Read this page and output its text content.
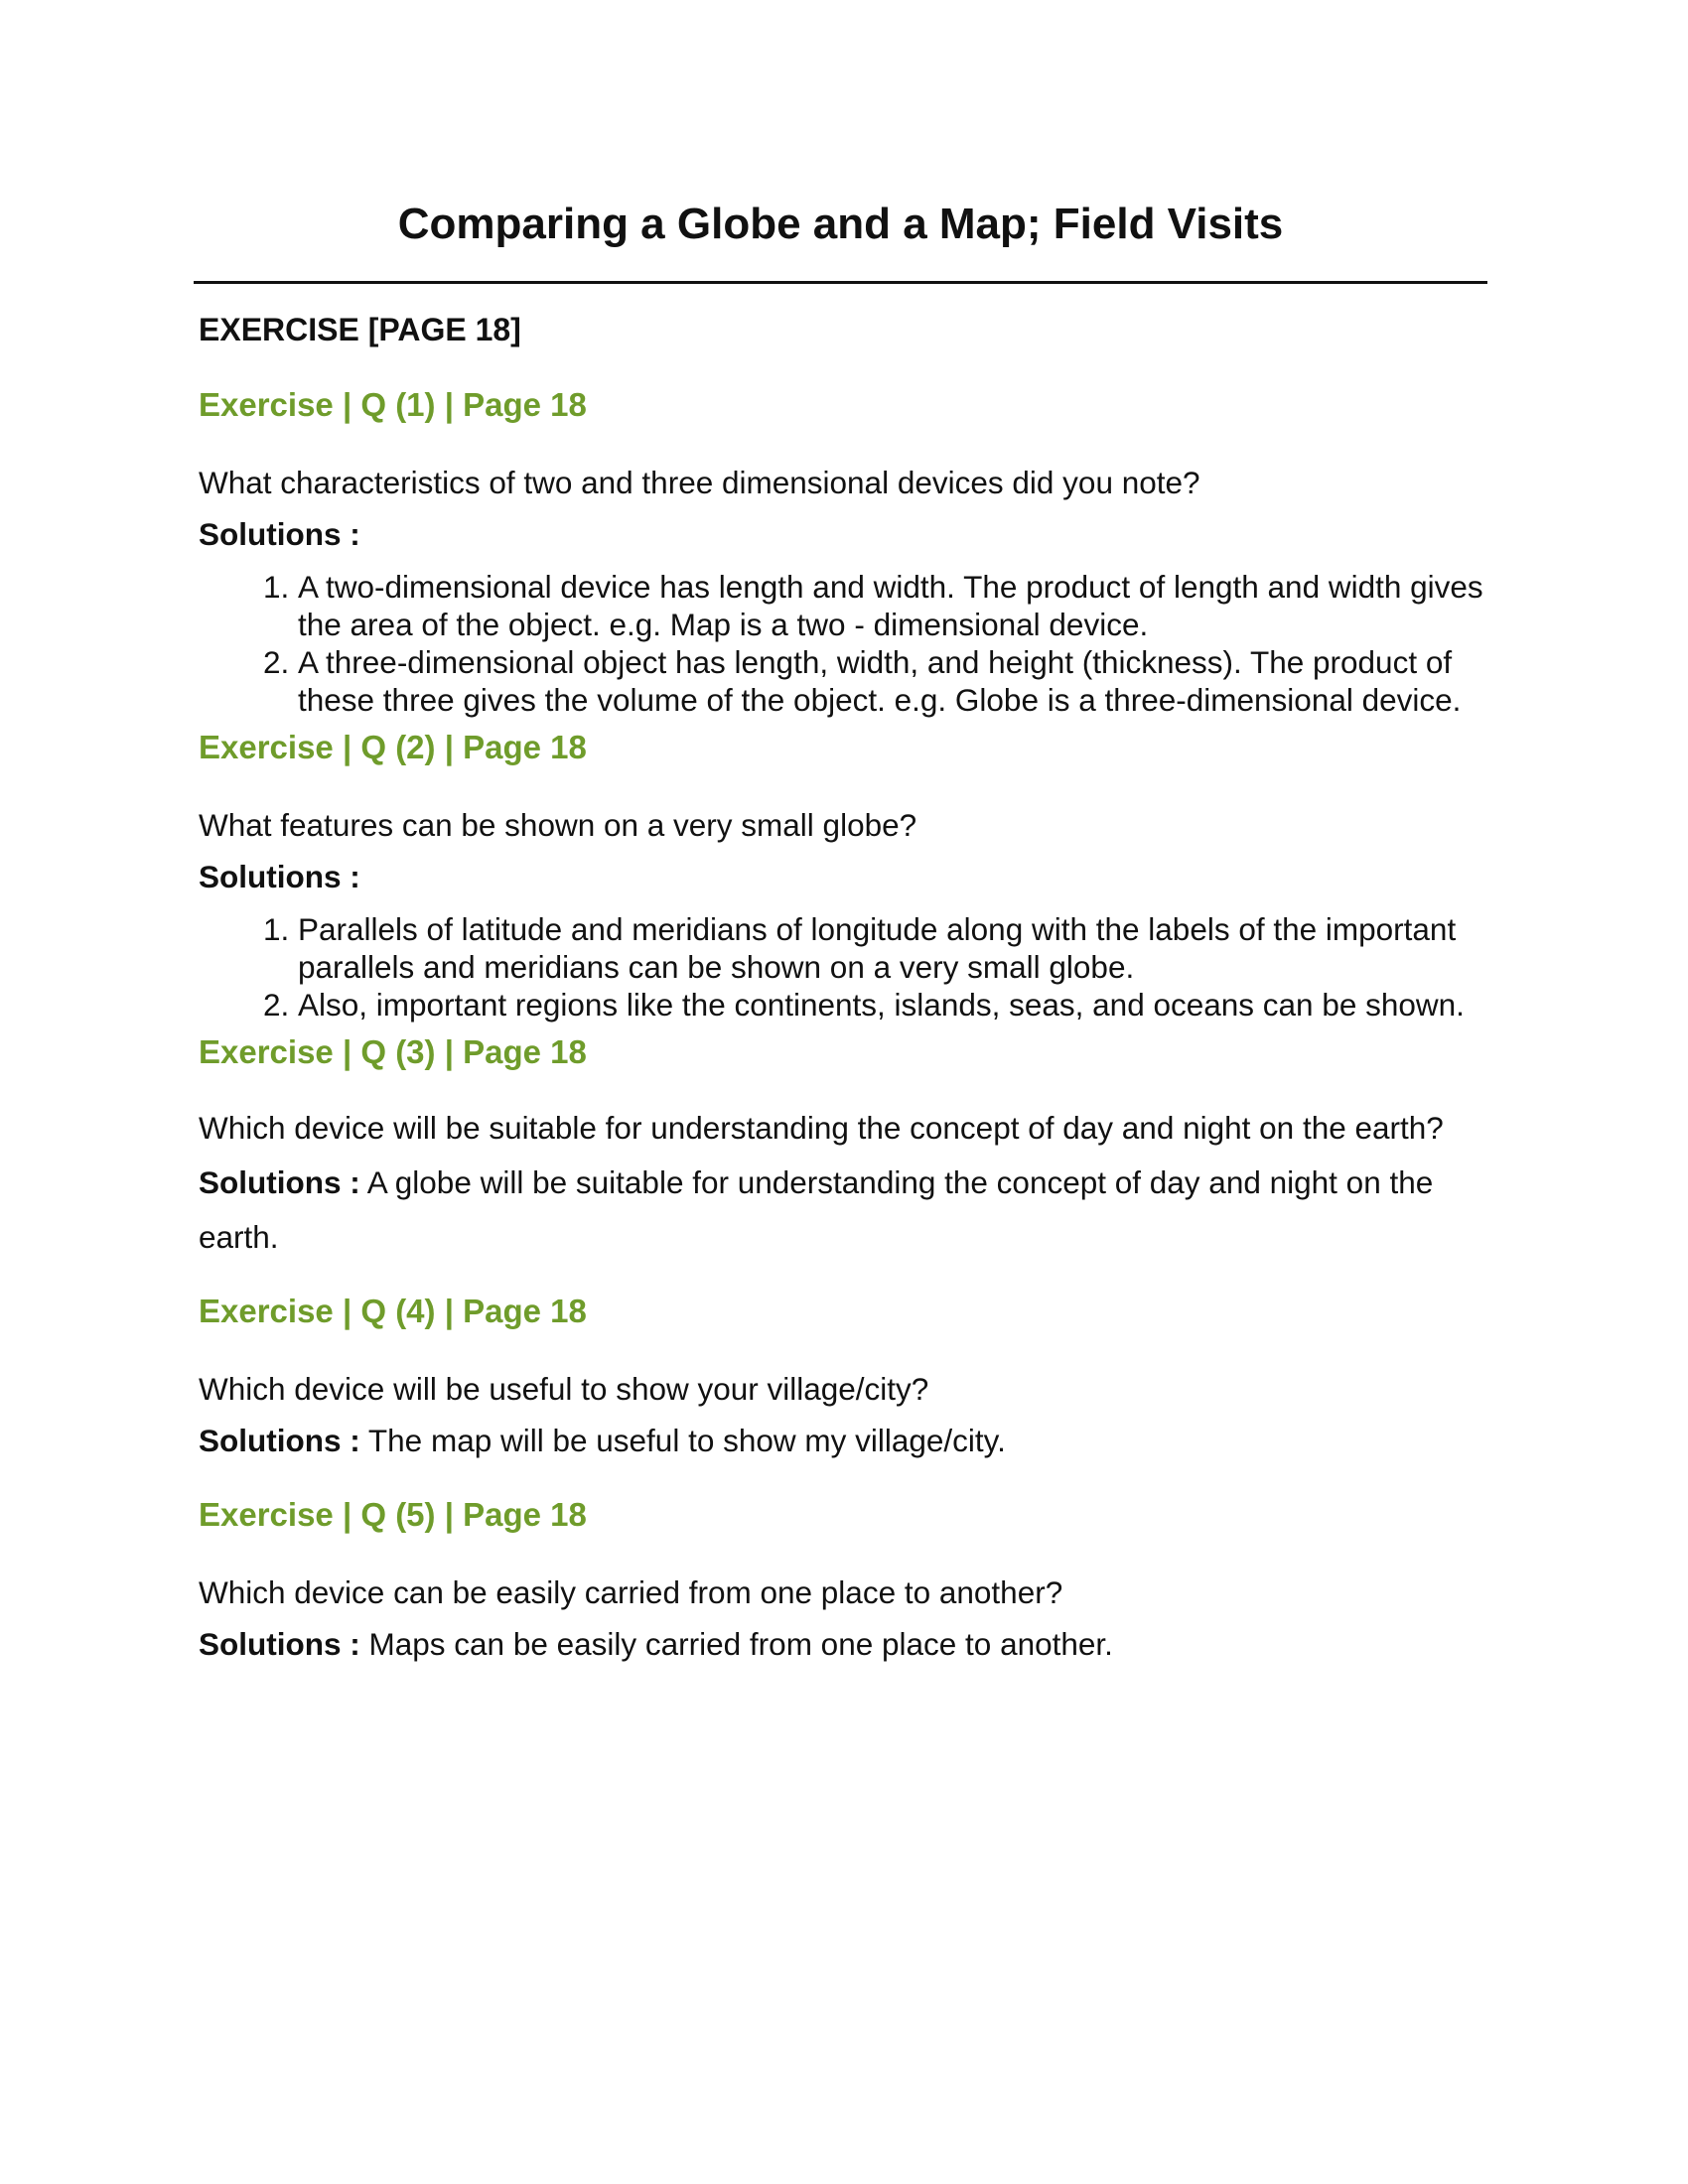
Comparing a Globe and a Map; Field Visits

EXERCISE [PAGE 18]

Exercise | Q (1) | Page 18

What characteristics of two and three dimensional devices did you note?

Solutions :

1. A two-dimensional device has length and width. The product of length and width gives the area of the object. e.g. Map is a two - dimensional device.
2. A three-dimensional object has length, width, and height (thickness). The product of these three gives the volume of the object. e.g. Globe is a three-dimensional device.

Exercise | Q (2) | Page 18

What features can be shown on a very small globe?

Solutions :

1. Parallels of latitude and meridians of longitude along with the labels of the important parallels and meridians can be shown on a very small globe.
2. Also, important regions like the continents, islands, seas, and oceans can be shown.

Exercise | Q (3) | Page 18

Which device will be suitable for understanding the concept of day and night on the earth?

Solutions : A globe will be suitable for understanding the concept of day and night on the earth.

Exercise | Q (4) | Page 18

Which device will be useful to show your village/city?

Solutions : The map will be useful to show my village/city.

Exercise | Q (5) | Page 18

Which device can be easily carried from one place to another?

Solutions : Maps can be easily carried from one place to another.
